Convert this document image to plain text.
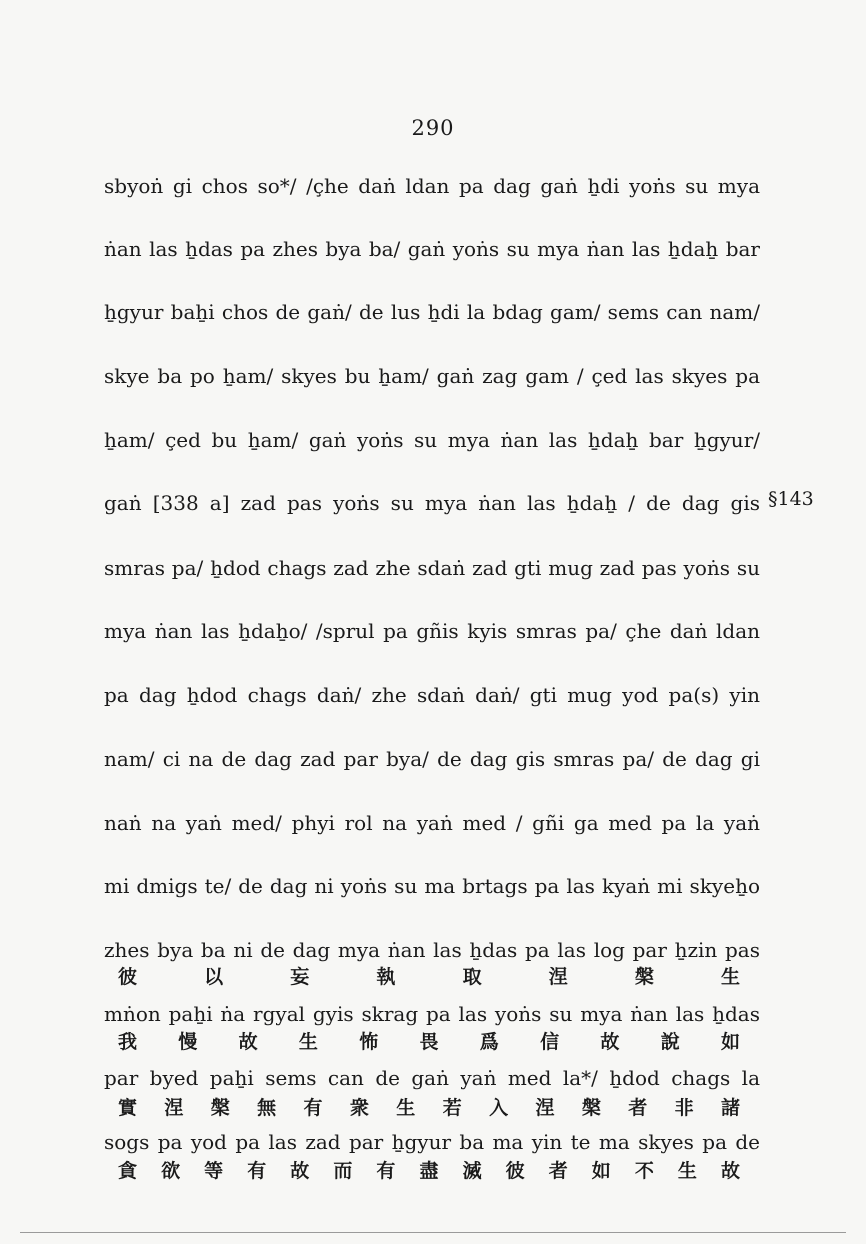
290
sbyoṅ gi chos so*/ /çhe daṅ ldan pa dag gaṅ ẖdi yoṅs su mya
ṅan las ẖdas pa zhes bya ba/ gaṅ yoṅs su mya ṅan las ẖdaẖ bar
ẖgyur baẖi chos de gaṅ/ de lus ẖdi la bdag gam/ sems can nam/
skye ba po ẖam/ skyes bu ẖam/ gaṅ zag gam / çed las skyes pa
ẖam/ çed bu ẖam/ gaṅ yoṅs su mya ṅan las ẖdaẖ bar ẖgyur/
gaṅ [338 a] zad pas yoṅs su mya ṅan las ẖdaẖ / de dag gis
smras pa/ ẖdod chags zad zhe sdaṅ zad gti mug zad pas yoṅs su
mya ṅan las ẖdaẖo/ /sprul pa gñis kyis smras pa/ çhe daṅ ldan
pa dag ẖdod chags daṅ/ zhe sdaṅ daṅ/ gti mug yod pa(s) yin
nam/ ci na de dag zad par bya/ de dag gis smras pa/ de dag gi
naṅ na yaṅ med/ phyi rol na yaṅ med / gñi ga med pa la yaṅ
mi dmigs te/ de dag ni yoṅs su ma brtags pa las kyaṅ mi skyeẖo
§143
zhes bya ba ni de dag mya ṅan las ẖdas pa las log par ẖzin pas
彼 以 妄 執 取 涅 槃 生
mṅon paẖi ṅa rgyal gyis skrag pa las yoṅs su mya ṅan las ẖdas
我 慢 故 生 怖 畏 爲 信 故 說 如
par byed paẖi sems can de gaṅ yaṅ med la*/ ẖdod chags la
實 涅 槃 無 有 衆 生 若 入 涅 槃 者 非 諸
sogs pa yod pa las zad par ẖgyur ba ma yin te ma skyes pa de
貪 欲 等 有 故 而 有 盡 滅 彼 者 如 不 生 故
